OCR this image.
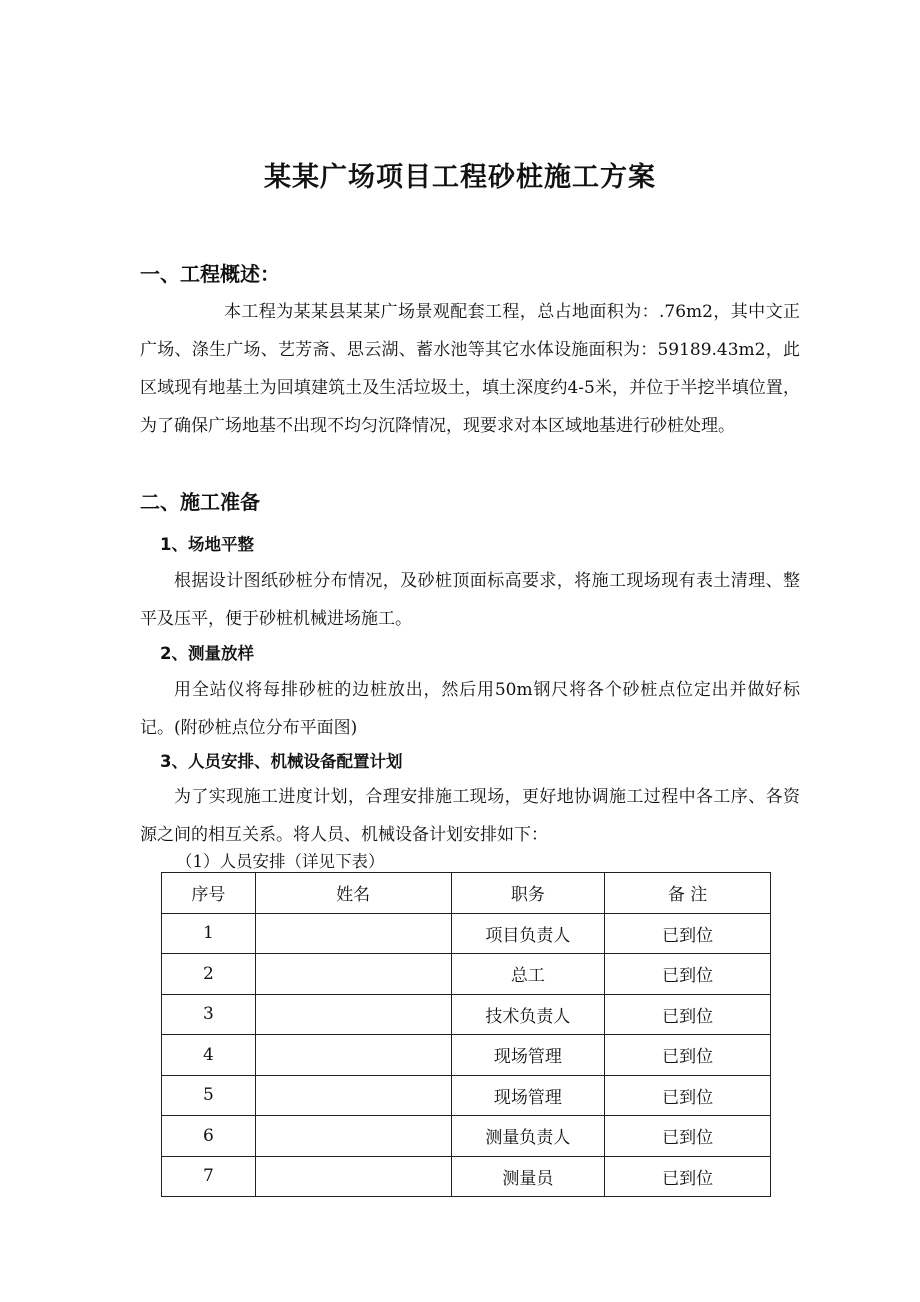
某某广场项目工程砂桩施工方案
一、工程概述：

本工程为某某县某某广场景观配套工程，总占地面积为：.76m2，其中文正广场、涤生广场、艺芳斋、思云湖、蓄水池等其它水体设施面积为：59189.43m2，此区域现有地基土为回填建筑土及生活垃圾土，填土深度约4-5米，并位于半挖半填位置，为了确保广场地基不出现不均匀沉降情况，现要求对本区域地基进行砂桩处理。

二、施工准备
1、场地平整

根据设计图纸砂桩分布情况，及砂桩顶面标高要求，将施工现场现有表土清理、整平及压平，便于砂桩机械进场施工。

2、测量放样

用全站仪将每排砂桩的边桩放出，然后用50m钢尺将各个砂桩点位定出并做好标记。(附砂桩点位分布平面图)

3、人员安排、机械设备配置计划

为了实现施工进度计划，合理安排施工现场，更好地协调施工过程中各工序、各资源之间的相互关系。将人员、机械设备计划安排如下：

（1）人员安排（详见下表）
序号	姓名	职务	备 注
1		项目负责人	已到位
2		总工	已到位
3		技术负责人	已到位
4		现场管理	已到位
5		现场管理	已到位
6		测量负责人	已到位
7		测量员	已到位
